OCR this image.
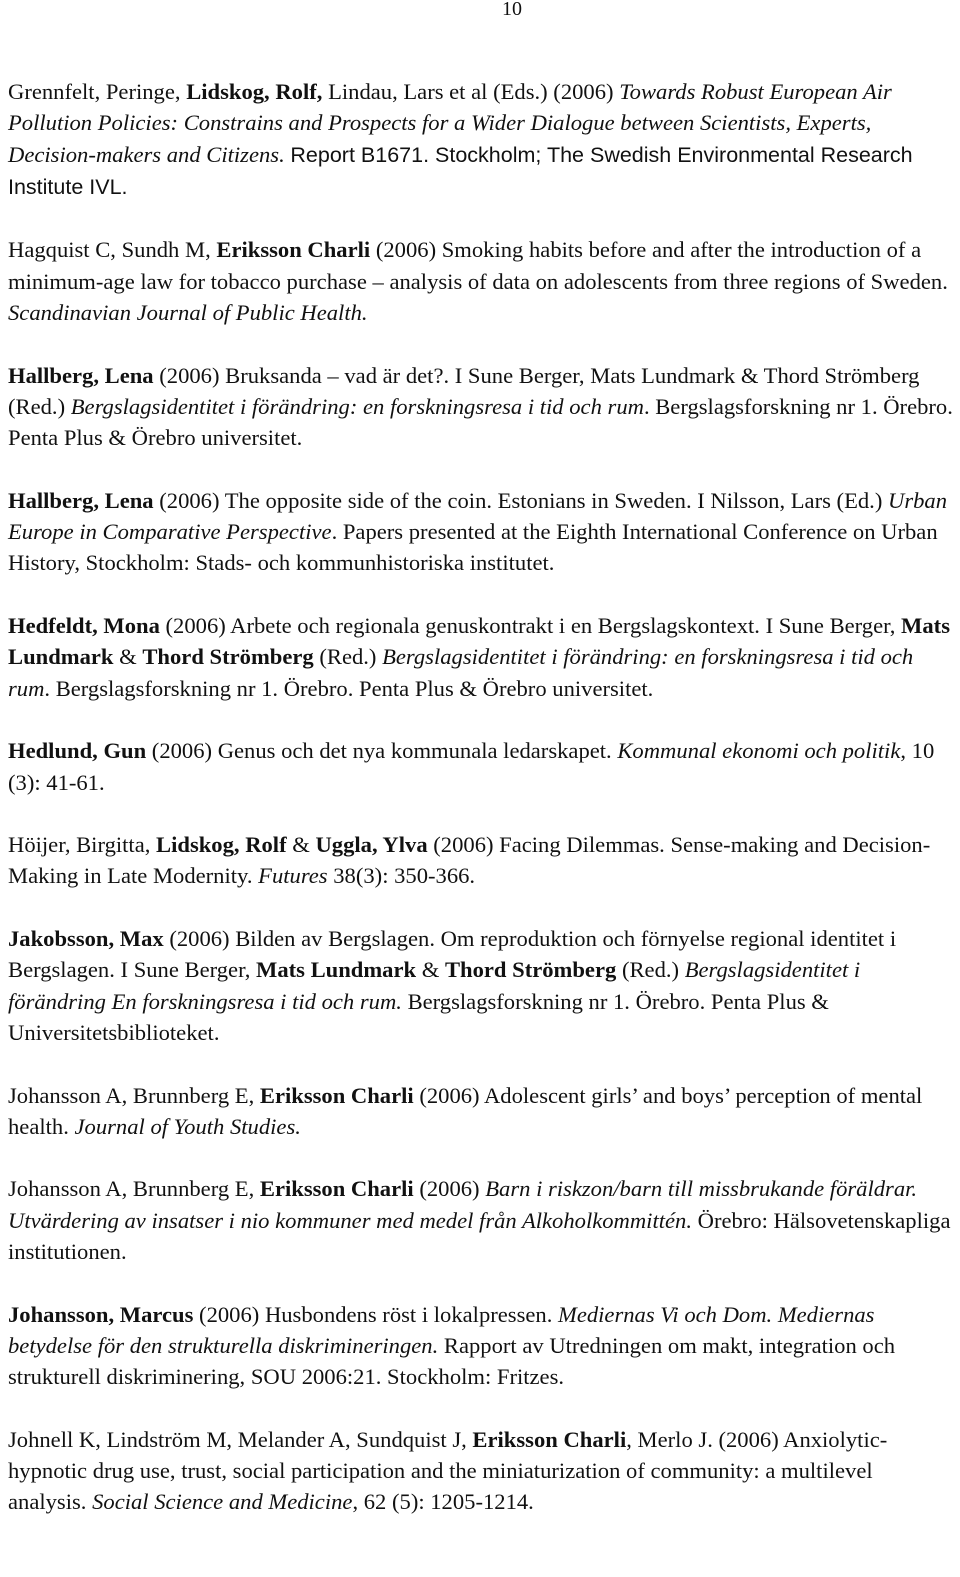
10

Grennfelt, Peringe, Lidskog, Rolf, Lindau, Lars et al (Eds.) (2006) Towards Robust European Air Pollution Policies: Constrains and Prospects for a Wider Dialogue between Scientists, Experts, Decision-makers and Citizens. Report B1671. Stockholm; The Swedish Environmental Research Institute IVL.

Hagquist C, Sundh M, Eriksson Charli (2006) Smoking habits before and after the introduction of a minimum-age law for tobacco purchase – analysis of data on adolescents from three regions of Sweden. Scandinavian Journal of Public Health.

Hallberg, Lena (2006) Bruksanda – vad är det?. I Sune Berger, Mats Lundmark & Thord Strömberg (Red.) Bergslagsidentitet i förändring: en forskningsresa i tid och rum. Bergslagsforskning nr 1. Örebro. Penta Plus & Örebro universitet.

Hallberg, Lena (2006) The opposite side of the coin. Estonians in Sweden. I Nilsson, Lars (Ed.) Urban Europe in Comparative Perspective. Papers presented at the Eighth International Conference on Urban History, Stockholm: Stads- och kommunhistoriska institutet.

Hedfeldt, Mona (2006) Arbete och regionala genuskontrakt i en Bergslagskontext. I Sune Berger, Mats Lundmark & Thord Strömberg (Red.) Bergslagsidentitet i förändring: en forskningsresa i tid och rum. Bergslagsforskning nr 1. Örebro. Penta Plus & Örebro universitet.

Hedlund, Gun (2006) Genus och det nya kommunala ledarskapet. Kommunal ekonomi och politik, 10 (3): 41-61.

Höijer, Birgitta, Lidskog, Rolf & Uggla, Ylva (2006) Facing Dilemmas. Sense-making and Decision-Making in Late Modernity. Futures 38(3): 350-366.

Jakobsson, Max (2006) Bilden av Bergslagen. Om reproduktion och förnyelse regional identitet i Bergslagen. I Sune Berger, Mats Lundmark & Thord Strömberg (Red.) Bergslagsidentitet i förändring En forskningsresa i tid och rum. Bergslagsforskning nr 1. Örebro. Penta Plus & Universitetsbiblioteket.

Johansson A, Brunnberg E, Eriksson Charli (2006) Adolescent girls’ and boys’ perception of mental health. Journal of Youth Studies.

Johansson A, Brunnberg E, Eriksson Charli (2006) Barn i riskzon/barn till missbrukande föräldrar. Utvärdering av insatser i nio kommuner med medel från Alkoholkommittén. Örebro: Hälsovetenskapliga institutionen.

Johansson, Marcus (2006) Husbondens röst i lokalpressen. Mediernas Vi och Dom. Mediernas betydelse för den strukturella diskrimineringen. Rapport av Utredningen om makt, integration och strukturell diskriminering, SOU 2006:21. Stockholm: Fritzes.

Johnell K, Lindström M, Melander A, Sundquist J, Eriksson Charli, Merlo J. (2006) Anxiolytic-hypnotic drug use, trust, social participation and the miniaturization of community: a multilevel analysis. Social Science and Medicine, 62 (5): 1205-1214.
